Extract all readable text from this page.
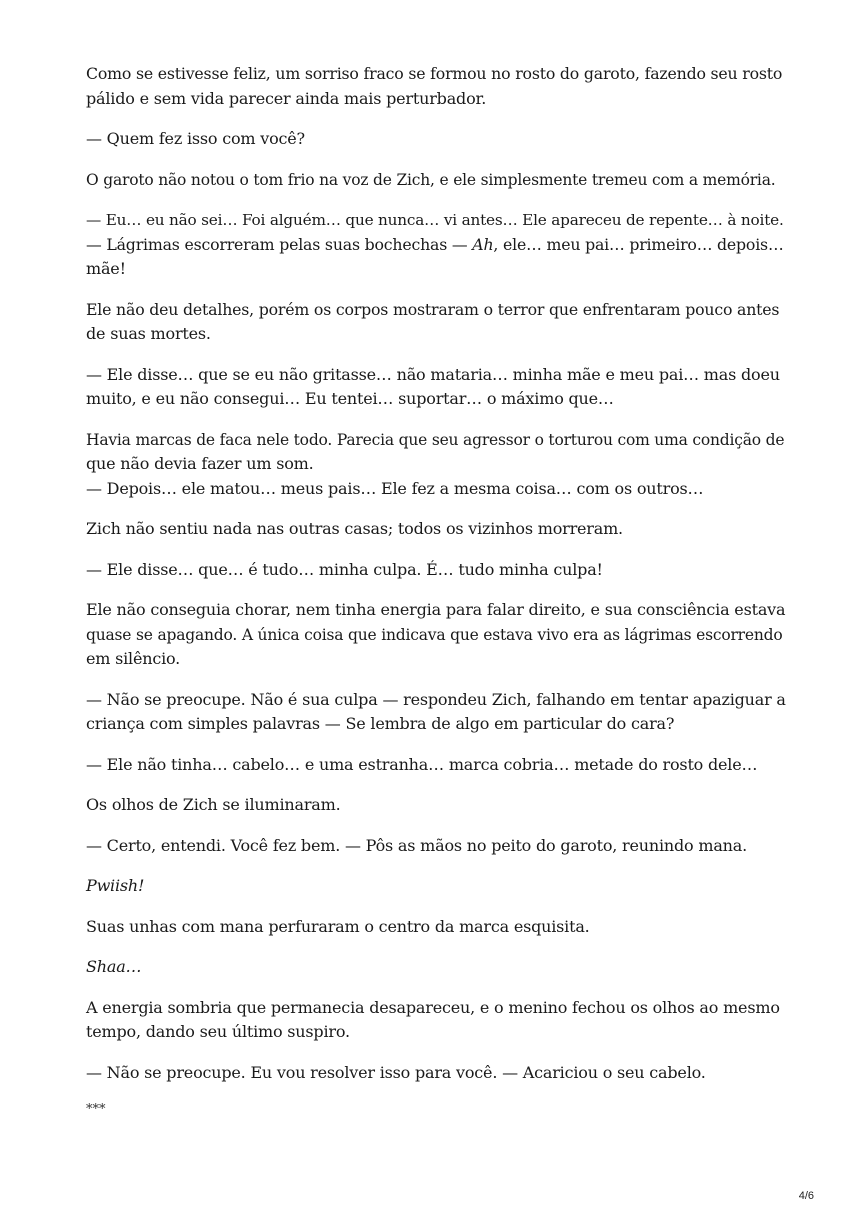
Como se estivesse feliz, um sorriso fraco se formou no rosto do garoto, fazendo seu rosto
pálido e sem vida parecer ainda mais perturbador.

— Quem fez isso com você?

O garoto não notou o tom frio na voz de Zich, e ele simplesmente tremeu com a memória.

— Eu… eu não sei… Foi alguém… que nunca… vi antes… Ele apareceu de repente… à noite.
— Lágrimas escorreram pelas suas bochechas — Ah, ele… meu pai… primeiro… depois…
mãe!

Ele não deu detalhes, porém os corpos mostraram o terror que enfrentaram pouco antes
de suas mortes.

— Ele disse… que se eu não gritasse… não mataria… minha mãe e meu pai… mas doeu
muito, e eu não consegui… Eu tentei… suportar… o máximo que…

Havia marcas de faca nele todo. Parecia que seu agressor o torturou com uma condição de
que não devia fazer um som.
— Depois… ele matou… meus pais… Ele fez a mesma coisa… com os outros…

Zich não sentiu nada nas outras casas; todos os vizinhos morreram.

— Ele disse… que… é tudo… minha culpa. É… tudo minha culpa!

Ele não conseguia chorar, nem tinha energia para falar direito, e sua consciência estava
quase se apagando. A única coisa que indicava que estava vivo era as lágrimas escorrendo
em silêncio.

— Não se preocupe. Não é sua culpa — respondeu Zich, falhando em tentar apaziguar a
criança com simples palavras — Se lembra de algo em particular do cara?

— Ele não tinha… cabelo… e uma estranha… marca cobria… metade do rosto dele…

Os olhos de Zich se iluminaram.

— Certo, entendi. Você fez bem. — Pôs as mãos no peito do garoto, reunindo mana.

Pwiish!

Suas unhas com mana perfuraram o centro da marca esquisita.

Shaa…

A energia sombria que permanecia desapareceu, e o menino fechou os olhos ao mesmo
tempo, dando seu último suspiro.

— Não se preocupe. Eu vou resolver isso para você. — Acariciou o seu cabelo.

***
4/6
